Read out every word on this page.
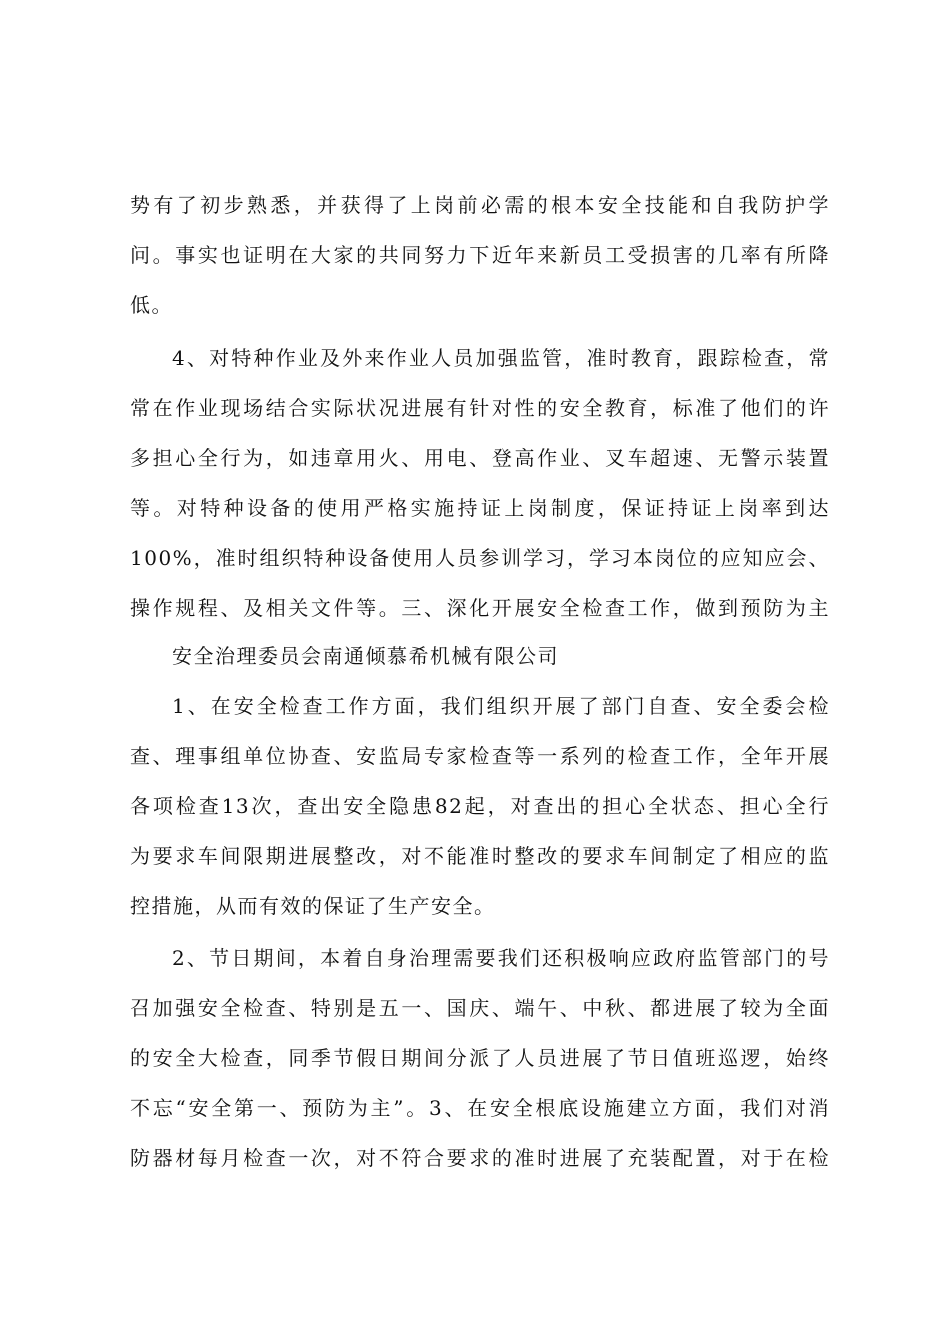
势有了初步熟悉，并获得了上岗前必需的根本安全技能和自我防护学
问。事实也证明在大家的共同努力下近年来新员工受损害的几率有所降
低。
4、对特种作业及外来作业人员加强监管，准时教育，跟踪检查，常
常在作业现场结合实际状况进展有针对性的安全教育，标准了他们的许
多担心全行为，如违章用火、用电、登高作业、叉车超速、无警示装置
等。对特种设备的使用严格实施持证上岗制度，保证持证上岗率到达
100%，准时组织特种设备使用人员参训学习，学习本岗位的应知应会、
操作规程、及相关文件等。三、深化开展安全检查工作，做到预防为主
安全治理委员会南通倾慕希机械有限公司
1、在安全检查工作方面，我们组织开展了部门自查、安全委会检
查、理事组单位协查、安监局专家检查等一系列的检查工作，全年开展
各项检查13次，查出安全隐患82起，对查出的担心全状态、担心全行
为要求车间限期进展整改，对不能准时整改的要求车间制定了相应的监
控措施，从而有效的保证了生产安全。
2、节日期间，本着自身治理需要我们还积极响应政府监管部门的号
召加强安全检查、特别是五一、国庆、端午、中秋、都进展了较为全面
的安全大检查，同季节假日期间分派了人员进展了节日值班巡逻，始终
不忘“安全第一、预防为主”。3、在安全根底设施建立方面，我们对消
防器材每月检查一次，对不符合要求的准时进展了充装配置，对于在检
